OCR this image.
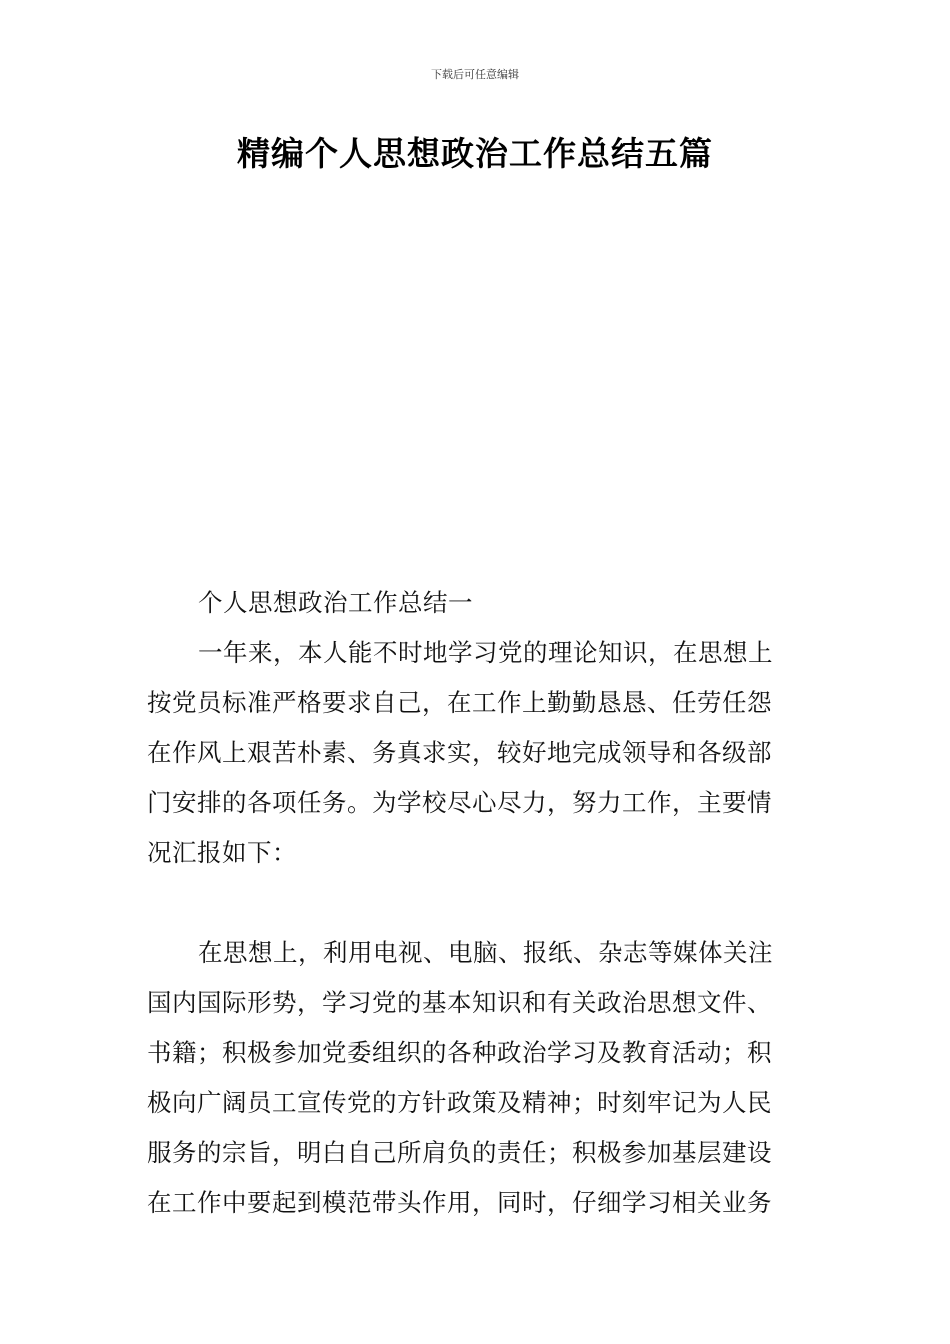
下载后可任意编辑
精编个人思想政治工作总结五篇

个人思想政治工作总结一

一年来，本人能不时地学习党的理论知识，在思想上
按党员标准严格要求自己，在工作上勤勤恳恳、任劳任怨
在作风上艰苦朴素、务真求实，较好地完成领导和各级部
门安排的各项任务。为学校尽心尽力，努力工作，主要情
况汇报如下：

在思想上，利用电视、电脑、报纸、杂志等媒体关注
国内国际形势，学习党的基本知识和有关政治思想文件、
书籍；积极参加党委组织的各种政治学习及教育活动；积
极向广阔员工宣传党的方针政策及精神；时刻牢记为人民
服务的宗旨，明白自己所肩负的责任；积极参加基层建设
在工作中要起到模范带头作用，同时，仔细学习相关业务
